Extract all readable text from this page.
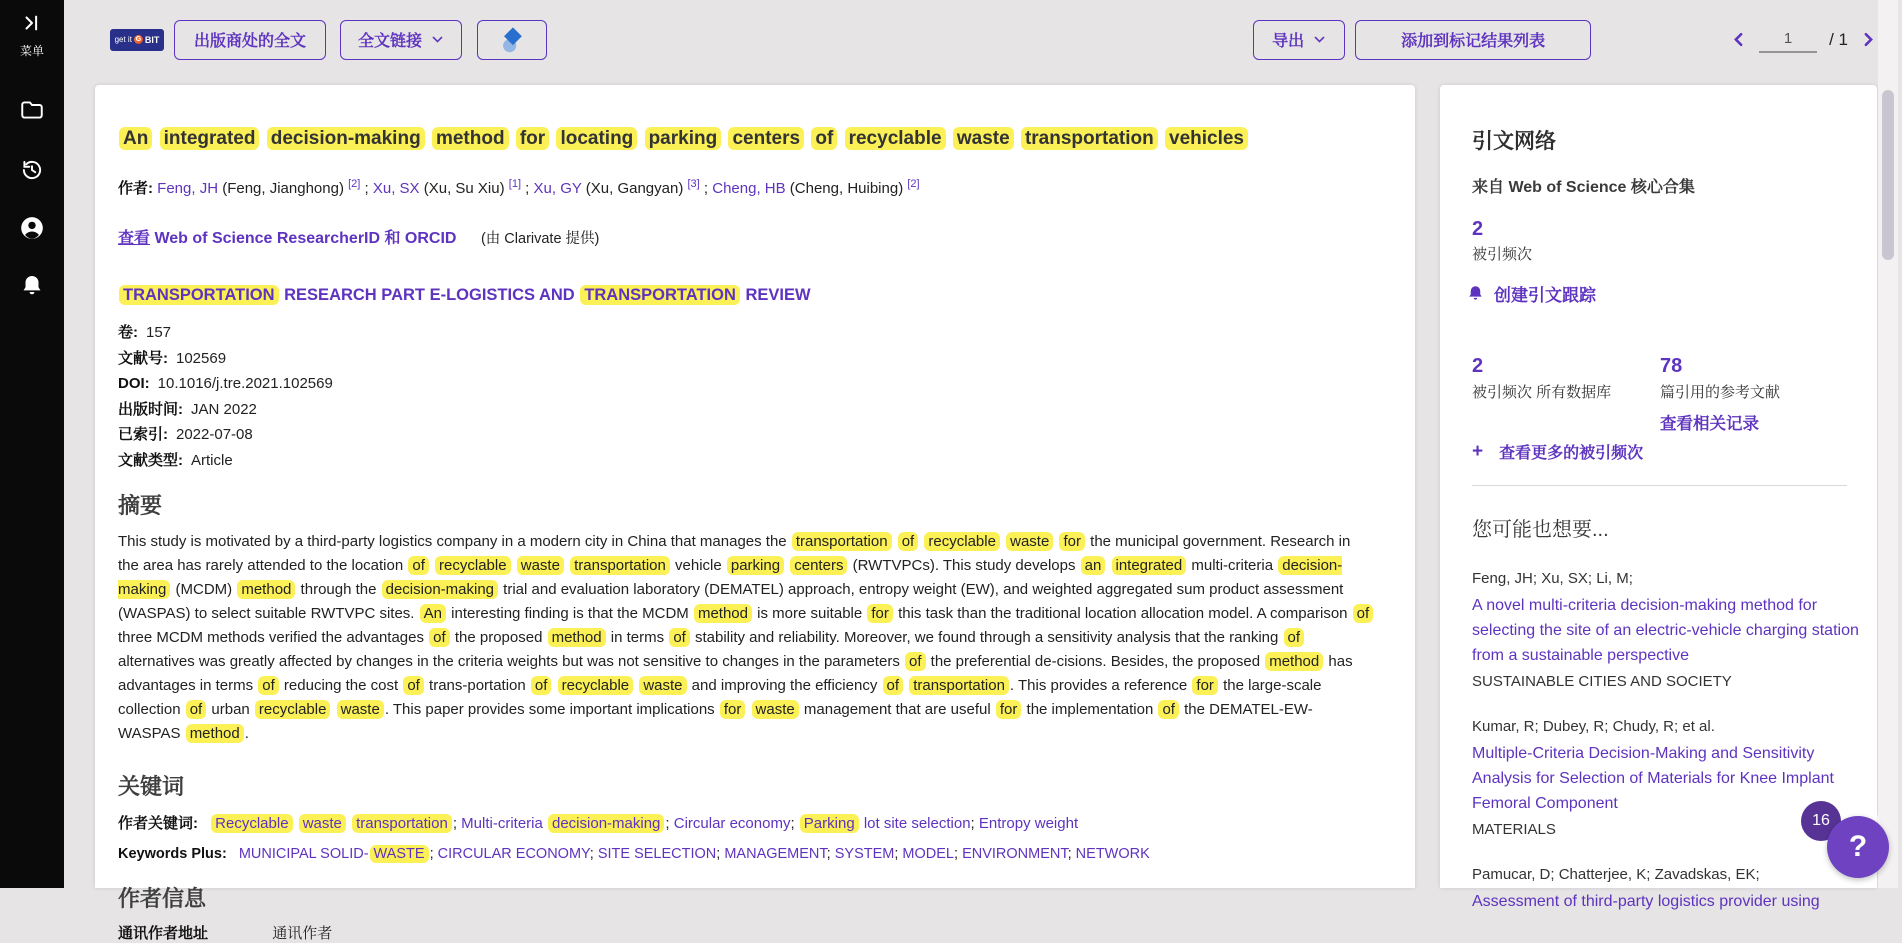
菜单
get it G BIT 出版商处的全文	全文链接	导出	添加到标记结果列表
1	/ 1
An integrated decision-making method for locating parking centers of recyclable waste transportation vehicles
作者: Feng, JH (Feng, Jianghong) [2] ; Xu, SX (Xu, Su Xiu) [1] ; Xu, GY (Xu, Gangyan) [3] ; Cheng, HB (Cheng, Huibing) [2]
查看 Web of Science ResearcherID 和 ORCID (由 Clarivate 提供)
TRANSPORTATION RESEARCH PART E-LOGISTICS AND TRANSPORTATION REVIEW
卷: 157
文献号: 102569
DOI: 10.1016/j.tre.2021.102569
出版时间: JAN 2022
已索引: 2022-07-08
文献类型: Article
摘要

This study is motivated by a third-party logistics company in a modern city in China that manages the transportation of recyclable waste for the municipal government. Research in the area has rarely attended to the location of recyclable waste transportation vehicle parking centers (RWTVPCs). This study develops an integrated multi-criteria decision-making (MCDM) method through the decision-making trial and evaluation laboratory (DEMATEL) approach, entropy weight (EW), and weighted aggregated sum product assessment (WASPAS) to select suitable RWTVPC sites. An interesting finding is that the MCDM method is more suitable for this task than the traditional location allocation model. A comparison of three MCDM methods verified the advantages of the proposed method in terms of stability and reliability. Moreover, we found through a sensitivity analysis that the ranking of alternatives was greatly affected by changes in the criteria weights but was not sensitive to changes in the parameters of the preferential de-cisions. Besides, the proposed method has advantages in terms of reducing the cost of trans-portation of recyclable waste and improving the efficiency of transportation . This provides a reference for the large-scale collection of urban recyclable waste . This paper provides some important implications for waste management that are useful for the implementation of the DEMATEL-EW-WASPAS method .

关键词
作者关键词: Recyclable waste transportation ; Multi-criteria decision-making ; Circular economy; Parking lot site selection; Entropy weight
Keywords Plus: MUNICIPAL SOLID- WASTE ; CIRCULAR ECONOMY; SITE SELECTION; MANAGEMENT; SYSTEM; MODEL; ENVIRONMENT; NETWORK
作者信息
通讯作者地址	通讯作者
引文网络
来自 Web of Science 核心合集
2
被引频次
创建引文跟踪
2
被引频次 所有数据库
78
篇引用的参考文献
查看相关记录
+ 查看更多的被引频次
您可能也想要...
Feng, JH; Xu, SX; Li, M;
A novel multi-criteria decision-making method for selecting the site of an electric-vehicle charging station from a sustainable perspective
SUSTAINABLE CITIES AND SOCIETY
Kumar, R; Dubey, R; Chudy, R; et al.
Multiple-Criteria Decision-Making and Sensitivity Analysis for Selection of Materials for Knee Implant Femoral Component
MATERIALS
Pamucar, D; Chatterjee, K; Zavadskas, EK;
Assessment of third-party logistics provider using
16
?
